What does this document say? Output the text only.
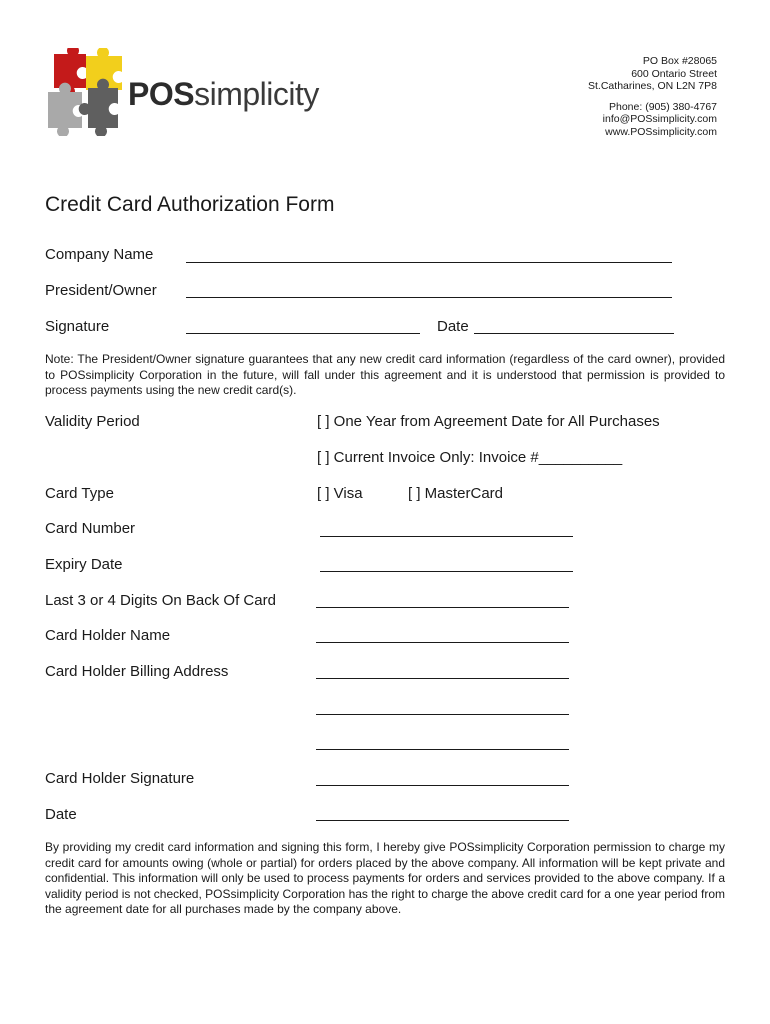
POSsimplicity
PO Box #28065
600 Ontario Street
St.Catharines, ON L2N 7P8
Phone: (905) 380-4767
info@POSsimplicity.com
www.POSsimplicity.com
Credit Card Authorization Form
Company Name
President/Owner
Signature	Date
Note: The President/Owner signature guarantees that any new credit card information (regardless of the card owner), provided to POSsimplicity Corporation in the future, will fall under this agreement and it is understood that permission is provided to process payments using the new credit card(s).
Validity Period	[ ] One Year from Agreement Date for All Purchases
[ ] Current Invoice Only: Invoice #__________
Card Type	[ ] Visa	[ ] MasterCard
Card Number
Expiry Date
Last 3 or 4 Digits On Back Of Card
Card Holder Name
Card Holder Billing Address
Card Holder Signature
Date
By providing my credit card information and signing this form, I hereby give POSsimplicity Corporation permission to charge my credit card for amounts owing (whole or partial) for orders placed by the above company. All information will be kept private and confidential. This information will only be used to process payments for orders and services provided to the above company. If a validity period is not checked, POSsimplicity Corporation has the right to charge the above credit card for a one year period from the agreement date for all purchases made by the company above.
